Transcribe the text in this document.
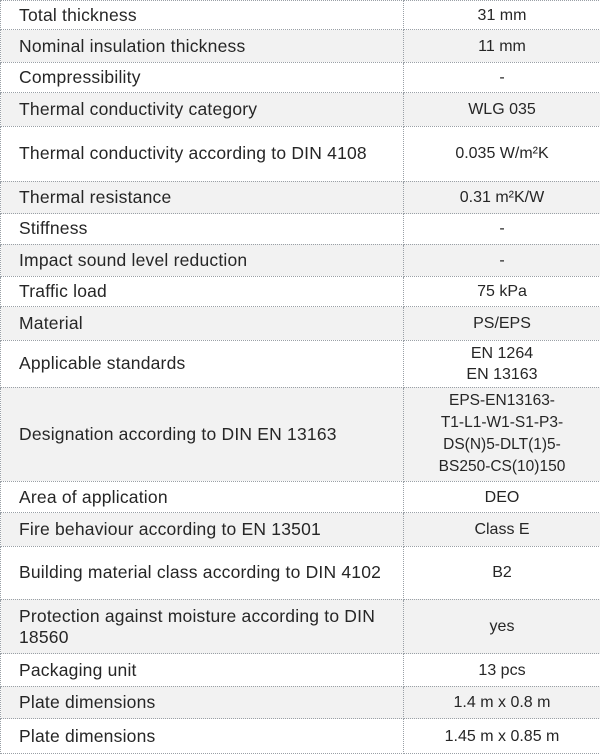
Total thickness	31 mm

Nominal insulation thickness	11 mm

Compressibility	-

Thermal conductivity category	WLG 035

Thermal conductivity according to DIN 4108	0.035 W/m²K

Thermal resistance	0.31 m²K/W

Stiffness	-

Impact sound level reduction	-

Traffic load	75 kPa

Material	PS/EPS

Applicable standards	EN 1264
EN 13163

Designation according to DIN EN 13163	EPS-EN13163-
T1-L1-W1-S1-P3-
DS(N)5-DLT(1)5-
BS250-CS(10)150

Area of application	DEO

Fire behaviour according to EN 13501	Class E

Building material class according to DIN 4102	B2

Protection against moisture according to DIN 18560	yes

Packaging unit	13 pcs

Plate dimensions	1.4 m x 0.8 m

Plate dimensions	1.45 m x 0.85 m
